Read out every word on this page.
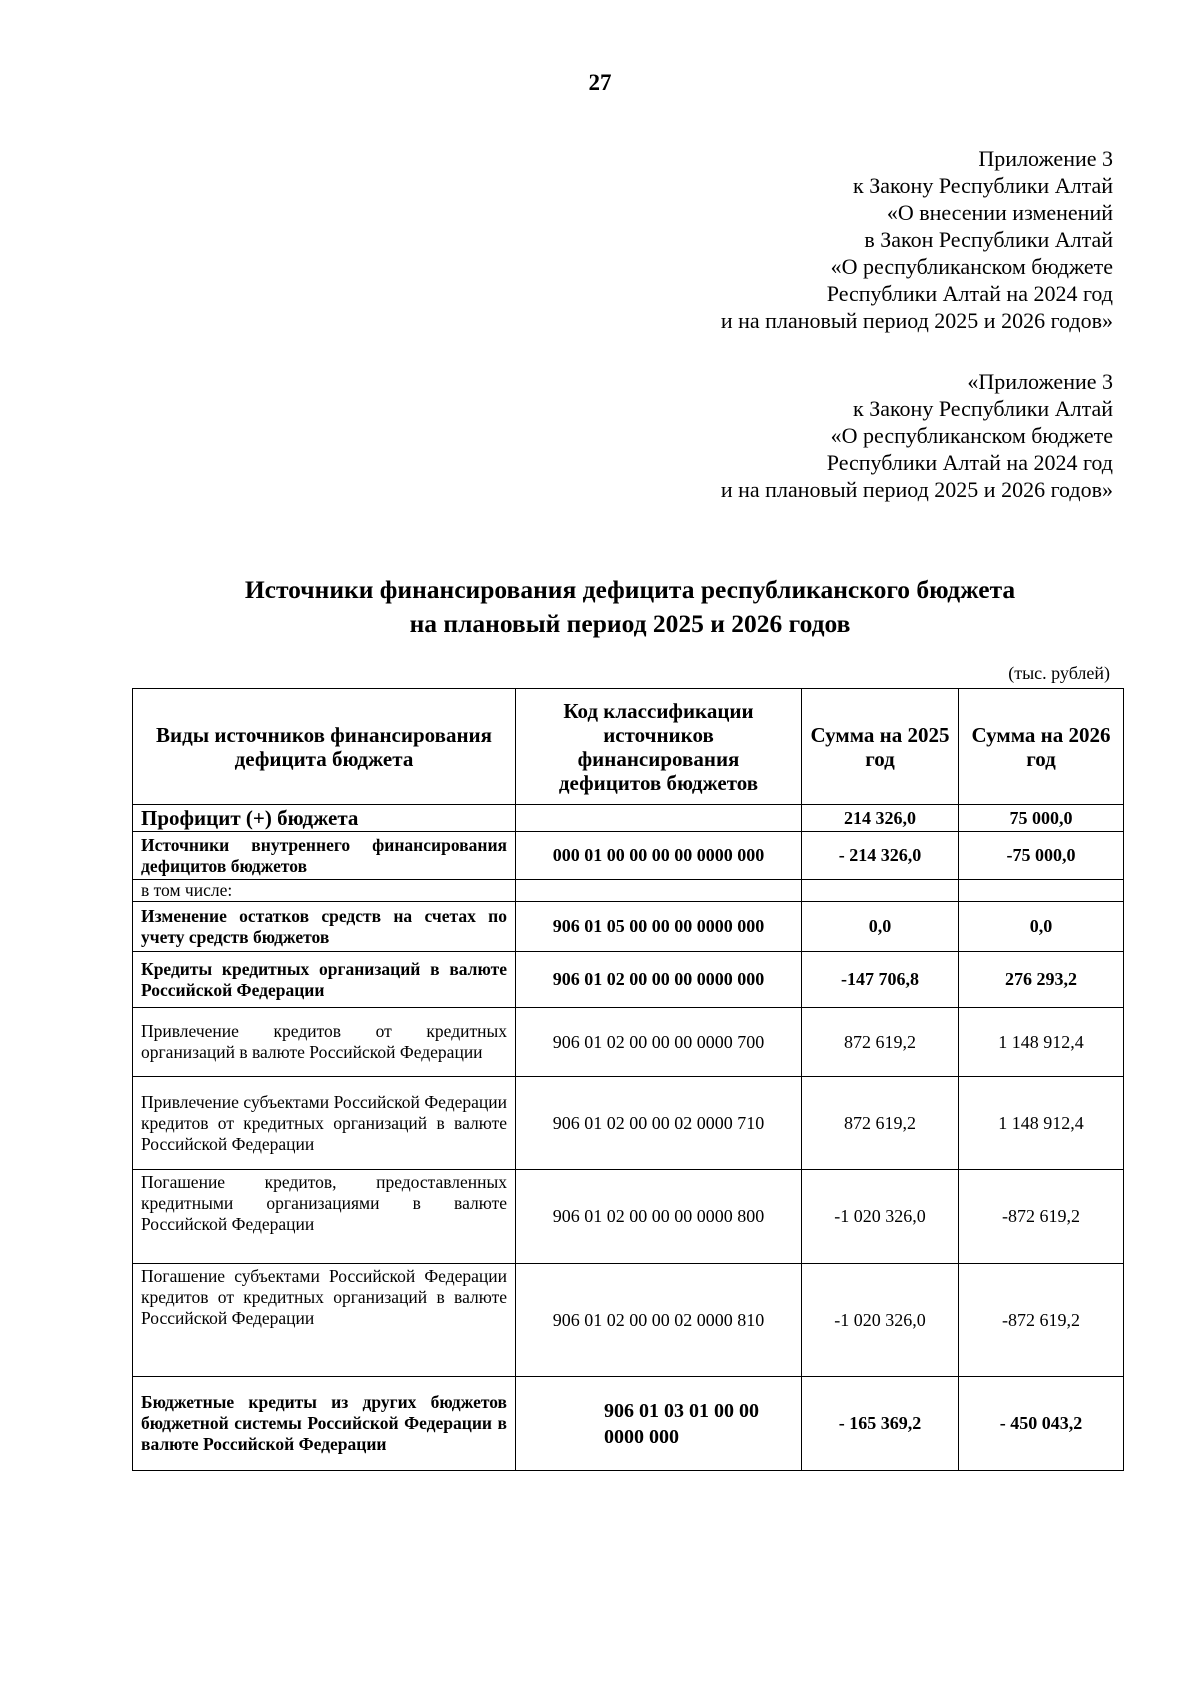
27
Приложение 3
к Закону Республики Алтай
«О внесении изменений
в Закон Республики Алтай
«О республиканском бюджете
Республики Алтай на 2024 год
и на плановый период 2025 и 2026 годов»
«Приложение 3
к Закону Республики Алтай
«О республиканском бюджете
Республики Алтай на 2024 год
и на плановый период 2025 и 2026 годов»
Источники финансирования дефицита республиканского бюджета
на плановый период 2025 и 2026 годов
(тыс. рублей)
Виды источников финансирования дефицита бюджета	Код классификации источников финансирования дефицитов бюджетов	Сумма на 2025 год	Сумма на 2026 год
Профицит (+) бюджета		214 326,0	75 000,0
Источники внутреннего финансирования дефицитов бюджетов	000 01 00 00 00 00 0000 000	- 214 326,0	-75 000,0
в том числе:			
Изменение остатков средств на счетах по учету средств бюджетов	906 01 05 00 00 00 0000 000	0,0	0,0
Кредиты кредитных организаций в валюте Российской Федерации	906 01 02 00 00 00 0000 000	-147 706,8	276 293,2
Привлечение кредитов от кредитных организаций в валюте Российской Федерации	906 01 02 00 00 00 0000 700	872 619,2	1 148 912,4
Привлечение субъектами Российской Федерации кредитов от кредитных организаций в валюте Российской Федерации	906 01 02 00 00 02 0000 710	872 619,2	1 148 912,4
Погашение кредитов, предоставленных кредитными организациями в валюте Российской Федерации	906 01 02 00 00 00 0000 800	-1 020 326,0	-872 619,2
Погашение субъектами Российской Федерации кредитов от кредитных организаций в валюте Российской Федерации	906 01 02 00 00 02 0000 810	-1 020 326,0	-872 619,2
Бюджетные кредиты из других бюджетов бюджетной системы Российской Федерации в валюте Российской Федерации	906 01 03 01 00 00 0000 000	- 165 369,2	- 450 043,2
